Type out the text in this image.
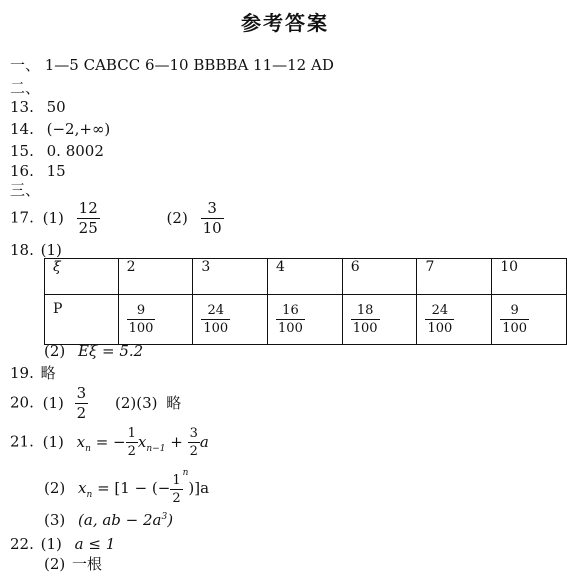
参考答案
一、 1—5 CABCC 6—10 BBBBA 11—12 AD
二、
13. 50
14. (−2,+∞)
15. 0. 8002
16. 15
三、
17. $(1) \frac{12}{25}$	$(2) \frac{3}{10}$
18. (1)
ξ	2	3	4	6	7	10
P	$\frac{9}{100}$	$\frac{24}{100}$	$\frac{16}{100}$	$\frac{18}{100}$	$\frac{24}{100}$	$\frac{9}{100}$
(2) Eξ = 5.2
19. 略
20. $(1) \frac{3}{2} (2)(3)$ 略
21. (1) $x_n$ = − $\frac{1}{2} x_{n-1} + \frac{3}{2}$ a
(2) $x_n = [1$ − (− $\frac{1}{2}$
$^n$)]a
(3) (a, ab − $2a^3$)
22. (1) a ≤ 1
(2) 一根
